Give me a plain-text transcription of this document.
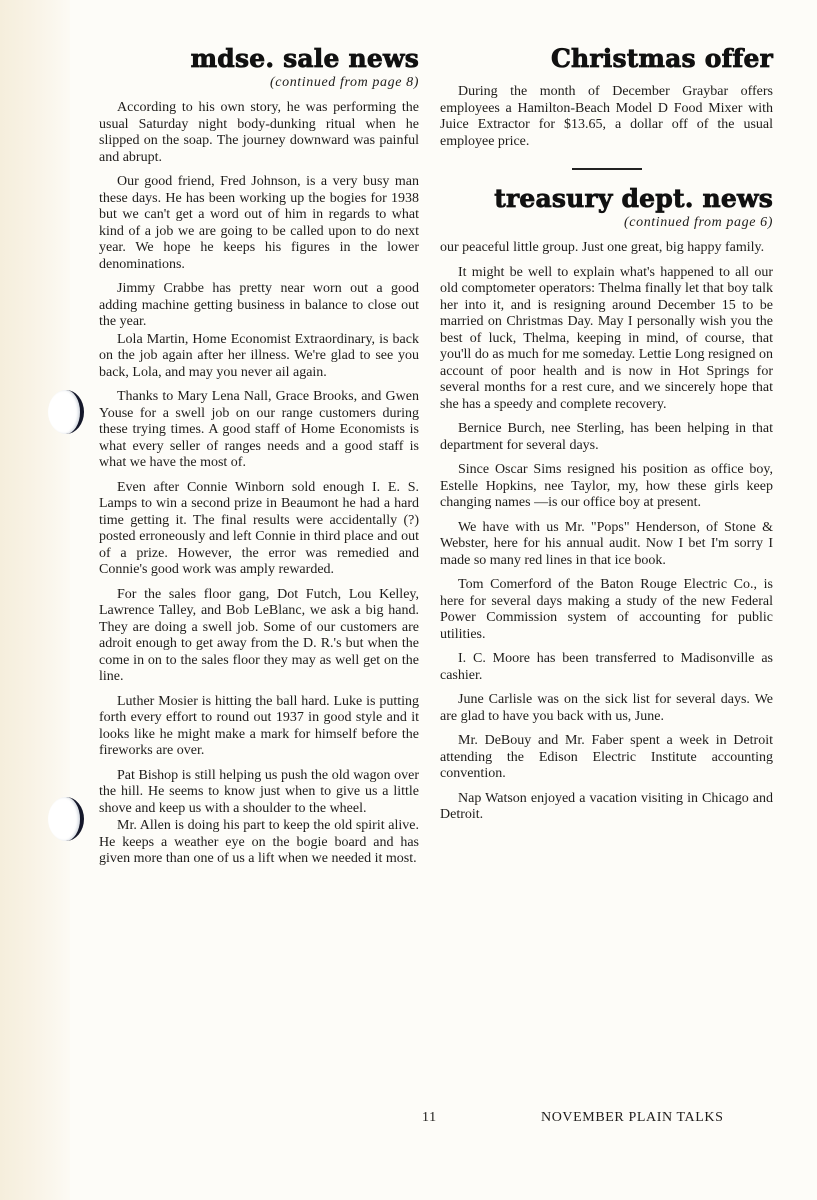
mdse. sale news
(continued from page 8)

According to his own story, he was performing the usual Saturday night body-dunking ritual when he slipped on the soap. The journey downward was painful and abrupt.

Our good friend, Fred Johnson, is a very busy man these days. He has been working up the bogies for 1938 but we can't get a word out of him in regards to what kind of a job we are going to be called upon to do next year. We hope he keeps his figures in the lower denominations.

Jimmy Crabbe has pretty near worn out a good adding machine getting business in balance to close out the year.

Lola Martin, Home Economist Extraordinary, is back on the job again after her illness. We're glad to see you back, Lola, and may you never ail again.

Thanks to Mary Lena Nall, Grace Brooks, and Gwen Youse for a swell job on our range customers during these trying times. A good staff of Home Economists is what every seller of ranges needs and a good staff is what we have the most of.

Even after Connie Winborn sold enough I. E. S. Lamps to win a second prize in Beaumont he had a hard time getting it. The final results were accidentally (?) posted erroneously and left Connie in third place and out of a prize. However, the error was remedied and Connie's good work was amply rewarded.

For the sales floor gang, Dot Futch, Lou Kelley, Lawrence Talley, and Bob LeBlanc, we ask a big hand. They are doing a swell job. Some of our customers are adroit enough to get away from the D. R.'s but when the come in on to the sales floor they may as well get on the line.

Luther Mosier is hitting the ball hard. Luke is putting forth every effort to round out 1937 in good style and it looks like he might make a mark for himself before the fireworks are over.

Pat Bishop is still helping us push the old wagon over the hill. He seems to know just when to give us a little shove and keep us with a shoulder to the wheel.

Mr. Allen is doing his part to keep the old spirit alive. He keeps a weather eye on the bogie board and has given more than one of us a lift when we needed it most.

Christmas offer

During the month of December Graybar offers employees a Hamilton-Beach Model D Food Mixer with Juice Extractor for $13.65, a dollar off of the usual employee price.

treasury dept. news
(continued from page 6)

our peaceful little group. Just one great, big happy family.

It might be well to explain what's happened to all our old comptometer operators: Thelma finally let that boy talk her into it, and is resigning around December 15 to be married on Christmas Day. May I personally wish you the best of luck, Thelma, keeping in mind, of course, that you'll do as much for me someday. Lettie Long resigned on account of poor health and is now in Hot Springs for several months for a rest cure, and we sincerely hope that she has a speedy and complete recovery.

Bernice Burch, nee Sterling, has been helping in that department for several days.

Since Oscar Sims resigned his position as office boy, Estelle Hopkins, nee Taylor, my, how these girls keep changing names —is our office boy at present.

We have with us Mr. "Pops" Henderson, of Stone & Webster, here for his annual audit. Now I bet I'm sorry I made so many red lines in that ice book.

Tom Comerford of the Baton Rouge Electric Co., is here for several days making a study of the new Federal Power Commission system of accounting for public utilities.

I. C. Moore has been transferred to Madisonville as cashier.

June Carlisle was on the sick list for several days. We are glad to have you back with us, June.

Mr. DeBouy and Mr. Faber spent a week in Detroit attending the Edison Electric Institute accounting convention.

Nap Watson enjoyed a vacation visiting in Chicago and Detroit.

11	NOVEMBER PLAIN TALKS
